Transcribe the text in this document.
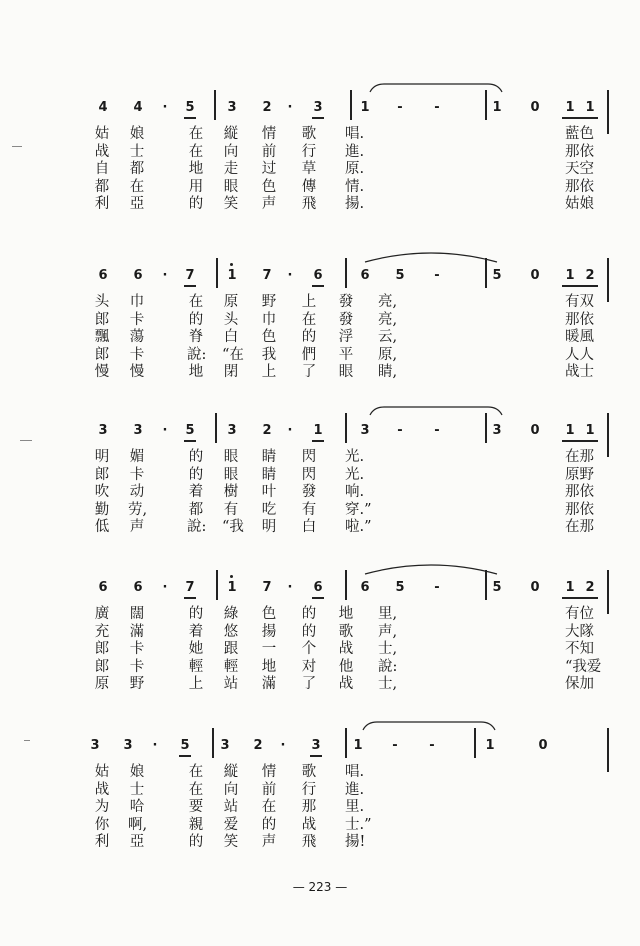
4 4	·	5	3 2	·	3	1	-	-	1 0 1 1
姑 娘	在 縦 情 歌 唱.	藍色
战 士	在 向 前 行 進.	那依
自 都	地 走 过 草 原.	天空
都 在	用 眼 色 傳 情.	那依
利 亞	的 笑 声 飛 揚.	姑娘
6 6	·	7	1 7	·	6	6 5	-	5 0 1 2
头 巾	在 原 野 上 發 亮,	有双
郎 卡	的 头 巾 在 發 亮,	那依
飄 蕩	脊 白 色 的 浮 云,	暖風
郎 卡	說: “在 我 們 平 原,	人人
慢 慢	地 閉 上 了 眼 睛,	战士
3 3	·	5	3 2	·	1	3	-	-	3 0 1 1
明 媚	的 眼 睛 閃 光.	在那
郎 卡	的 眼 睛 閃 光.	原野
吹 动	着 樹 叶 發 响.	那依
勤 劳,	都 有 吃 有 穿.”	那依
低 声	說: “我 明 白 啦.”	在那
6 6	·	7	1 7	·	6	6 5	-	5 0 1 2
廣 闊	的 綠 色 的 地 里,	有位
充 滿	着 悠 揚 的 歌 声,	大隊
郎 卡	她 跟 一 个 战 士,	不知
郎 卡	輕 輕 地 对 他 說:	“我爱
原 野	上 站 滿 了 战 士,	保加
3 3	·	5 3 2	·	3	1	-	-	1	0
姑 娘	在 縦 情 歌 唱.
战 士	在 向 前 行 進.
为 哈	要 站 在 那 里.
你 啊,	親 爱 的 战 士.”
利 亞	的 笑 声 飛 揚!
— 223 —
